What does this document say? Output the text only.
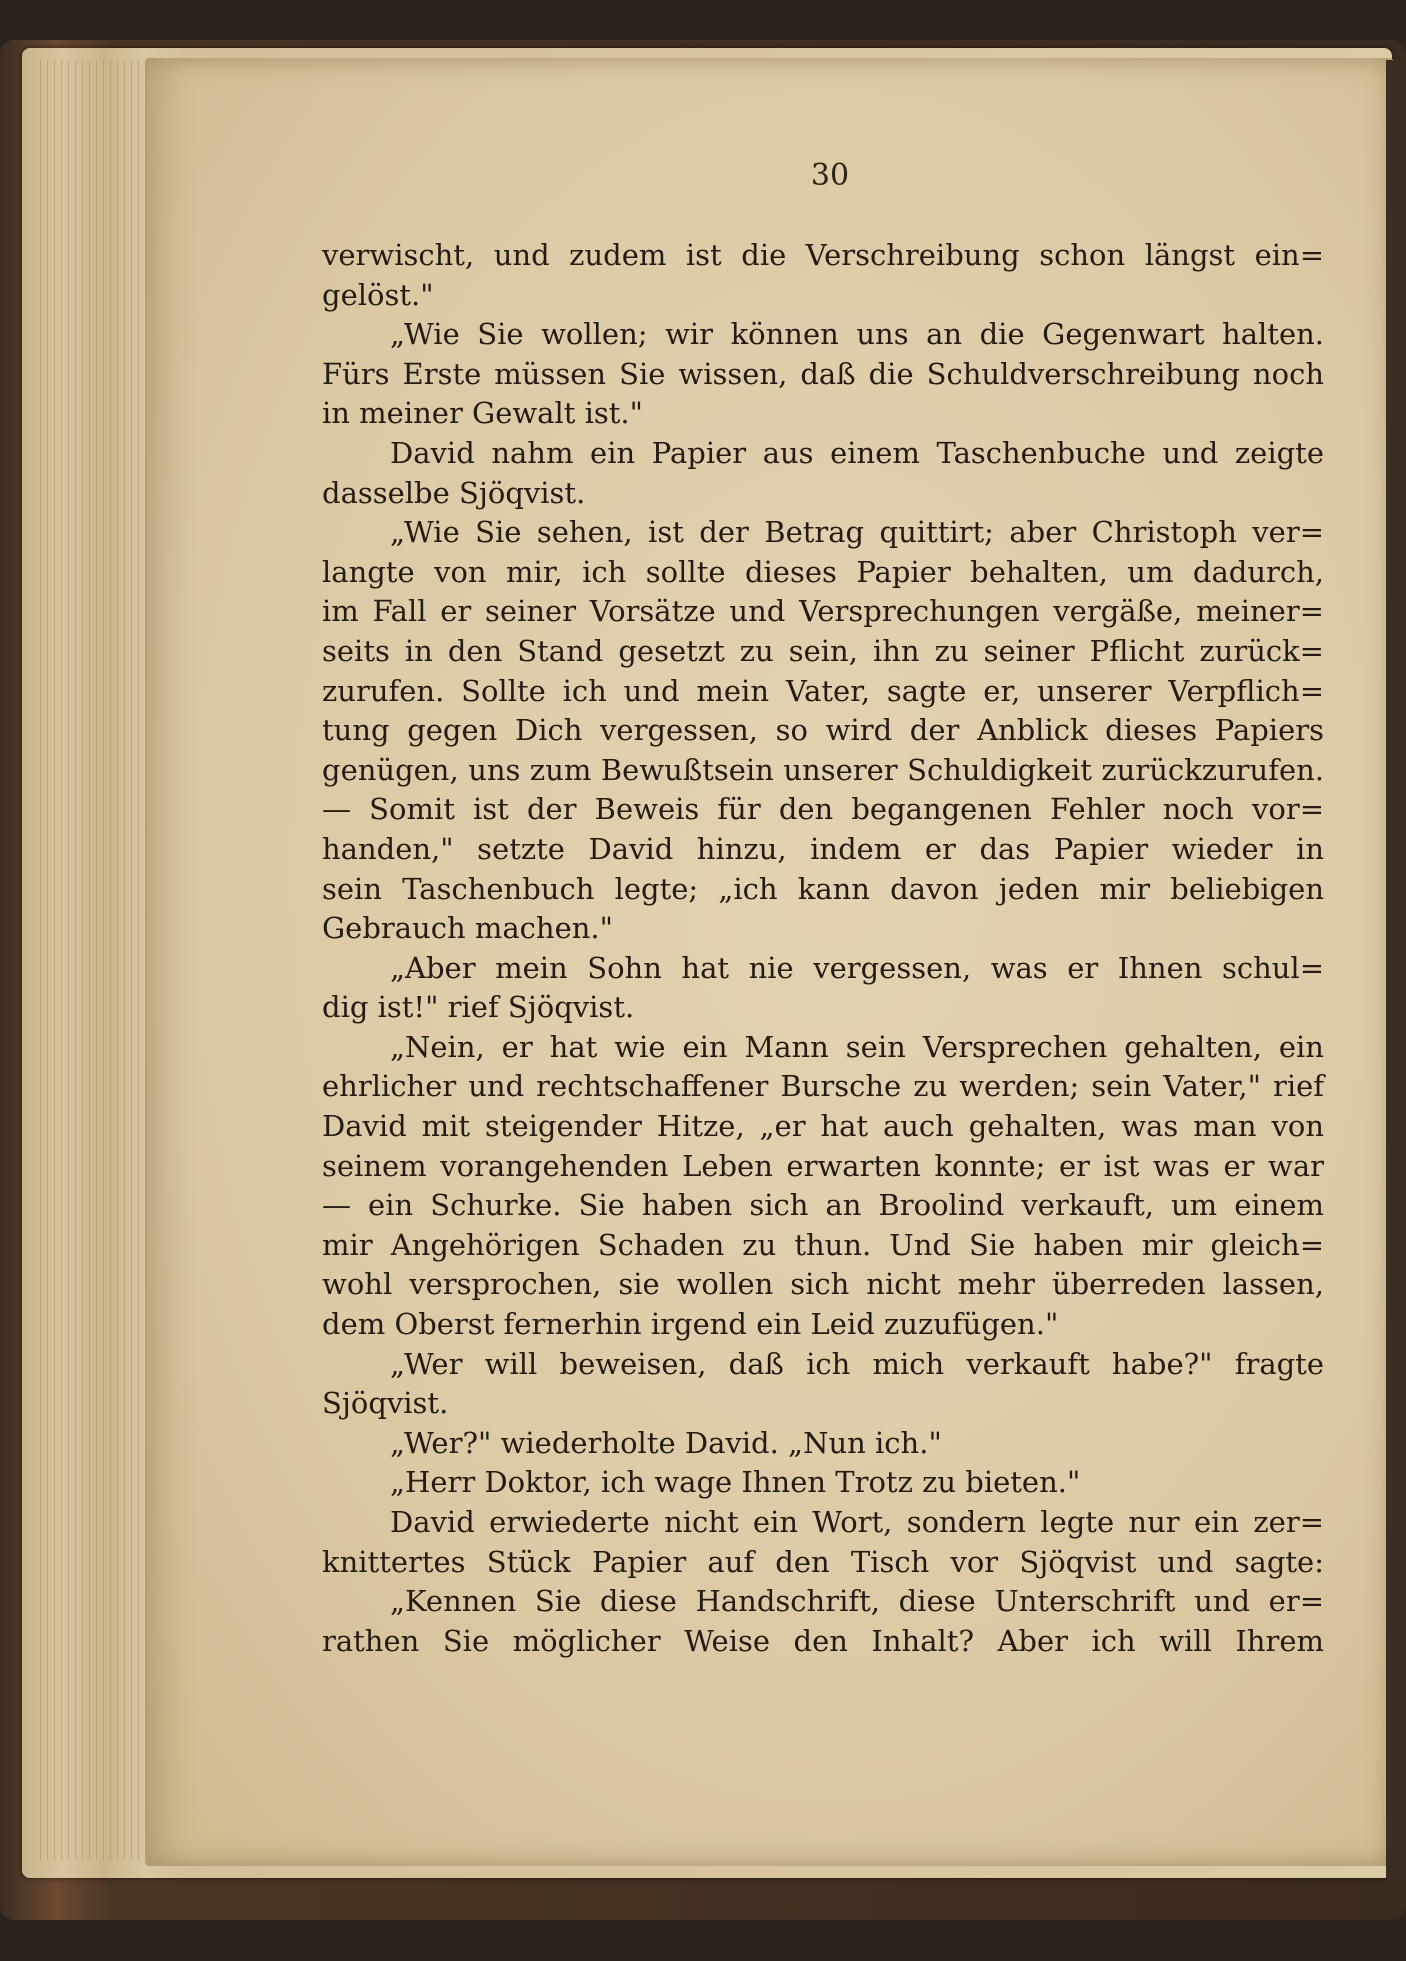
30
verwischt, und zudem ist die Verschreibung schon längst ein=
gelöst."
„Wie Sie wollen; wir können uns an die Gegenwart halten.
Fürs Erste müssen Sie wissen, daß die Schuldverschreibung noch
in meiner Gewalt ist."
David nahm ein Papier aus einem Taschenbuche und zeigte
dasselbe Sjöqvist.
„Wie Sie sehen, ist der Betrag quittirt; aber Christoph ver=
langte von mir, ich sollte dieses Papier behalten, um dadurch,
im Fall er seiner Vorsätze und Versprechungen vergäße, meiner=
seits in den Stand gesetzt zu sein, ihn zu seiner Pflicht zurück=
zurufen. Sollte ich und mein Vater, sagte er, unserer Verpflich=
tung gegen Dich vergessen, so wird der Anblick dieses Papiers
genügen, uns zum Bewußtsein unserer Schuldigkeit zurückzurufen.
— Somit ist der Beweis für den begangenen Fehler noch vor=
handen," setzte David hinzu, indem er das Papier wieder in
sein Taschenbuch legte; „ich kann davon jeden mir beliebigen
Gebrauch machen."
„Aber mein Sohn hat nie vergessen, was er Ihnen schul=
dig ist!" rief Sjöqvist.
„Nein, er hat wie ein Mann sein Versprechen gehalten, ein
ehrlicher und rechtschaffener Bursche zu werden; sein Vater," rief
David mit steigender Hitze, „er hat auch gehalten, was man von
seinem vorangehenden Leben erwarten konnte; er ist was er war
— ein Schurke. Sie haben sich an Broolind verkauft, um einem
mir Angehörigen Schaden zu thun. Und Sie haben mir gleich=
wohl versprochen, sie wollen sich nicht mehr überreden lassen,
dem Oberst fernerhin irgend ein Leid zuzufügen."
„Wer will beweisen, daß ich mich verkauft habe?" fragte
Sjöqvist.
„Wer?" wiederholte David. „Nun ich."
„Herr Doktor, ich wage Ihnen Trotz zu bieten."
David erwiederte nicht ein Wort, sondern legte nur ein zer=
knittertes Stück Papier auf den Tisch vor Sjöqvist und sagte:
„Kennen Sie diese Handschrift, diese Unterschrift und er=
rathen Sie möglicher Weise den Inhalt? Aber ich will Ihrem
